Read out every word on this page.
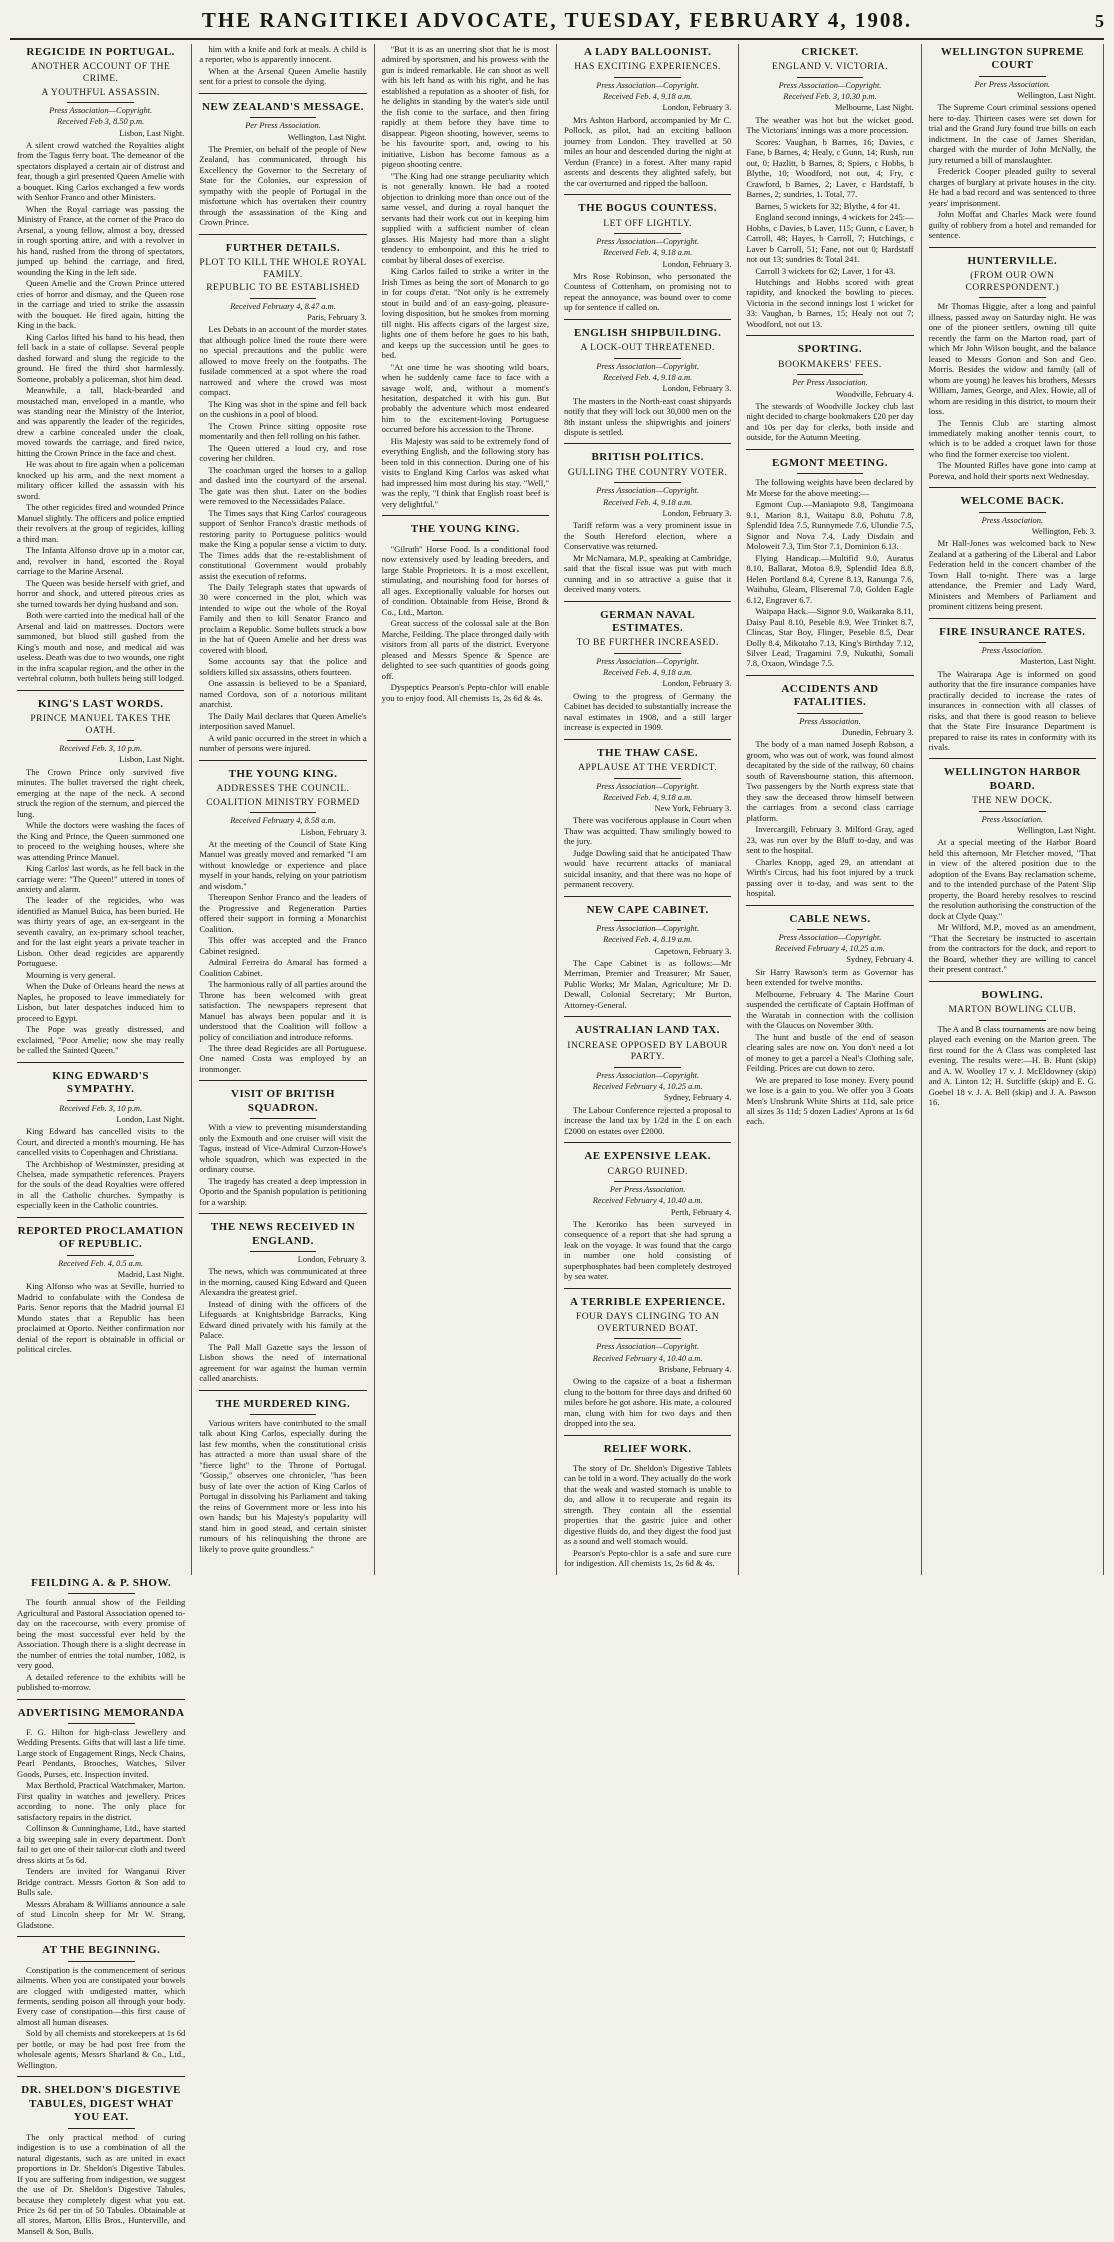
THE RANGITIKEI ADVOCATE, TUESDAY, FEBRUARY 4, 1908.	5
REGICIDE IN PORTUGAL.
ANOTHER ACCOUNT OF THE CRIME.
A YOUTHFUL ASSASSIN.
Press Association—Copyright.
Received Feb 3, 8.50 p.m.
Lisbon, Last Night.

A silent crowd watched the Royalties alight from the Tagus ferry boat. The demeanor of the spectators displayed a certain air of distrust and fear, though a girl presented Queen Amelie with a bouquet. King Carlos exchanged a few words with Senhor Franco and other Ministers.

When the Royal carriage was passing the Ministry of France, at the corner of the Praco do Arsenal, a young fellow, almost a boy, dressed in rough sporting attire, and with a revolver in his hand, rushed from the throng of spectators, jumped up behind the carriage, and fired, wounding the King in the left side.

Queen Amelie and the Crown Prince uttered cries of horror and dismay, and the Queen rose in the carriage and tried to strike the assassin with the bouquet. He fired again, hitting the King in the back.

King Carlos lifted his hand to his head, then fell back in a state of collapse. Several people dashed forward and slung the regicide to the ground. He fired the third shot harmlessly. Someone, probably a policeman, shot him dead.

Meanwhile, a tall, black-bearded and moustached man, enveloped in a mantle, who was standing near the Ministry of the Interior, and was apparently the leader of the regicides, drew a carbine concealed under the cloak, moved towards the carriage, and fired twice, hitting the Crown Prince in the face and chest.

He was about to fire again when a policeman knocked up his arm, and the next moment a military officer killed the assassin with his sword.

The other regicides fired and wounded Prince Manuel slightly. The officers and police emptied their revolvers at the group of regicides, killing a third man.

The Infanta Alfonso drove up in a motor car, and, revolver in hand, escorted the Royal carriage to the Marine Arsenal.

The Queen was beside herself with grief, and horror and shock, and uttered piteous cries as she turned towards her dying husband and son.

Both were carried into the medical hall of the Arsenal and laid on mattresses. Doctors were summoned, but blood still gushed from the King's mouth and nose, and medical aid was useless. Death was due to two wounds, one right in the infra scapular region, and the other in the vertebral column, both bullets being still lodged.

KING'S LAST WORDS.
PRINCE MANUEL TAKES THE OATH.
Received Feb. 3, 10 p.m.
Lisbon, Last Night.

The Crown Prince only survived five minutes. The bullet traversed the right cheek, emerging at the nape of the neck. A second struck the region of the sternum, and pierced the lung.

While the doctors were washing the faces of the King and Prince, the Queen summoned one to proceed to the weighing houses, where she was attending Prince Manuel.

King Carlos' last words, as he fell back in the carriage were: "The Queen!" uttered in tones of anxiety and alarm.

The leader of the regicides, who was identified as Manuel Buica, has been buried. He was thirty years of age, an ex-sergeant in the seventh cavalry, an ex-primary school teacher, and for the last eight years a private teacher in Lisbon. Other dead regicides are apparently Portuguese.

Mourning is very general.

When the Duke of Orleans heard the news at Naples, he proposed to leave immediately for Lisbon, but later despatches induced him to proceed to Egypt.

The Pope was greatly distressed, and exclaimed, "Poor Amelie; now she may really be called the Sainted Queen."

KING EDWARD'S SYMPATHY.
Received Feb. 3, 10 p.m.
London, Last Night.

King Edward has cancelled visits to the Court, and directed a month's mourning. He has cancelled visits to Copenhagen and Christiana.

The Archbishop of Westminster, presiding at Chelsea, made sympathetic references. Prayers for the souls of the dead Royalties were offered in all the Catholic churches. Sympathy is especially keen in the Catholic countries.

REPORTED PROCLAMATION OF REPUBLIC.
Received Feb. 4, 0.5 a.m.
Madrid, Last Night.

King Alfonso who was at Seville, hurried to Madrid to confabulate with the Condesa de Paris. Senor reports that the Madrid journal El Mundo states that a Republic has been proclaimed at Oporto. Neither confirmation nor denial of the report is obtainable in official or political circles.

him with a knife and fork at meals. A child is a reporter, who is apparently innocent.

When at the Arsenal Queen Amelie hastily sent for a priest to console the dying.

NEW ZEALAND'S MESSAGE.
Per Press Association.
Wellington, Last Night.

The Premier, on behalf of the people of New Zealand, has communicated, through his Excellency the Governor to the Secretary of State for the Colonies, our expression of sympathy with the people of Portugal in the misfortune which has overtaken their country through the assassination of the King and Crown Prince.

FURTHER DETAILS.
PLOT TO KILL THE WHOLE ROYAL FAMILY.
REPUBLIC TO BE ESTABLISHED
Received February 4, 8.47 a.m.
Paris, February 3.

Les Debats in an account of the murder states that although police lined the route there were no special precautions and the public were allowed to move freely on the footpaths. The fusilade commenced at a spot where the road narrowed and where the crowd was most compact.

The King was shot in the spine and fell back on the cushions in a pool of blood.

The Crown Prince sitting opposite rose momentarily and then fell rolling on his father.

The Queen uttered a loud cry, and rose covering her children.

The coachman urged the horses to a gallop and dashed into the courtyard of the arsenal. The gate was then shut. Later on the bodies were removed to the Necessidades Palace.

The Times says that King Carlos' courageous support of Senhor Franco's drastic methods of restoring parity to Portuguese politics would make the King a popular sense a victim to duty. The Times adds that the re-establishment of constitutional Government would probably assist the execution of reforms.

The Daily Telegraph states that upwards of 30 were concerned in the plot, which was intended to wipe out the whole of the Royal Family and then to kill Senator Franco and proclaim a Republic. Some bullets struck a bow in the hat of Queen Amelie and her dress was covered with blood.

Some accounts say that the police and soldiers killed six assassins, others fourteen.

One assassin is believed to be a Spaniard, named Cordova, son of a notorious militant anarchist.

The Daily Mail declares that Queen Amelie's interposition saved Manuel.

A wild panic occurred in the street in which a number of persons were injured.

THE YOUNG KING.
ADDRESSES THE COUNCIL.
COALITION MINISTRY FORMED
Received February 4, 8.58 a.m.
Lisbon, February 3.

At the meeting of the Council of State King Manuel was greatly moved and remarked "I am without knowledge or experience and place myself in your hands, relying on your patriotism and wisdom."

Thereupon Senhor Franco and the leaders of the Progressive and Regeneration Parties offered their support in forming a Monarchist Coalition.

This offer was accepted and the Franco Cabinet resigned.

Admiral Ferreira do Amaral has formed a Coalition Cabinet.

The harmonious rally of all parties around the Throne has been welcomed with great satisfaction. The newspapers represent that Manuel has always been popular and it is understood that the Coalition will follow a policy of conciliation and introduce reforms.

The three dead Regicides are all Portuguese. One named Costa was employed by an ironmonger.

VISIT OF BRITISH SQUADRON.

With a view to preventing misunderstanding only the Exmouth and one cruiser will visit the Tagus, instead of Vice-Admiral Curzon-Howe's whole squadron, which was expected in the ordinary course.

The tragedy has created a deep impression in Oporto and the Spanish population is petitioning for a warship.

THE NEWS RECEIVED IN ENGLAND.
London, February 3.

The news, which was communicated at three in the morning, caused King Edward and Queen Alexandra the greatest grief.

Instead of dining with the officers of the Lifeguards at Knightsbridge Barracks, King Edward dined privately with his family at the Palace.

The Pall Mall Gazette says the lesson of Lisbon shows the need of international agreement for war against the human vermin called anarchists.

THE MURDERED KING.

Various writers have contributed to the small talk about King Carlos, especially during the last few months, when the constitutional crisis has attracted a more than usual share of the "fierce light" to the Throne of Portugal. "Gossip," observes one chronicler, "has been busy of late over the action of King Carlos of Portugal in dissolving his Parliament and taking the reins of Government more or less into his own hands; but his Majesty's popularity will stand him in good stead, and certain sinister rumours of his relinquishing the throne are likely to prove quite groundless."

"But it is as an unerring shot that he is most admired by sportsmen, and his prowess with the gun is indeed remarkable. He can shoot as well with his left hand as with his right, and he has established a reputation as a shooter of fish, for he delights in standing by the water's side until the fish come to the surface, and then firing rapidly at them before they have time to disappear. Pigeon shooting, however, seems to be his favourite sport, and, owing to his initiative, Lisbon has become famous as a pigeon shooting centre.

"The King had one strange peculiarity which is not generally known. He had a rooted objection to drinking more than once out of the same vessel, and during a royal banquet the servants had their work cut out in keeping him supplied with a sufficient number of clean glasses. His Majesty had more than a slight tendency to embonpoint, and this he tried to combat by liberal doses of exercise.

King Carlos failed to strike a writer in the Irish Times as being the sort of Monarch to go in for coups d'etat. "Not only is he extremely stout in build and of an easy-going, pleasure-loving disposition, but he smokes from morning till night. His affects cigars of the largest size, lights one of them before he goes to his bath, and keeps up the succession until he goes to bed.

"At one time he was shooting wild boars, when he suddenly came face to face with a savage wolf, and, without a moment's hesitation, despatched it with his gun. But probably the adventure which most endeared him to the excitement-loving Portuguese occurred before his accession to the Throne.

His Majesty was said to be extremely fond of everything English, and the following story has been told in this connection. During one of his visits to England King Carlos was asked what had impressed him most during his stay. "Well," was the reply, "I think that English roast beef is very delightful."

THE YOUNG KING.

"Gilruth" Horse Food. Is a conditional food now extensively used by leading breeders, and large Stable Proprietors. It is a most excellent, stimulating, and nourishing food for horses of all ages. Exceptionally valuable for horses out of condition. Obtainable from Heise, Brond & Co., Ltd., Marton.

Great success of the colossal sale at the Bon Marche, Feilding. The place thronged daily with visitors from all parts of the district. Everyone pleased and Messrs Spence & Spence are delighted to see such quantities of goods going off.

Dyspeptics Pearson's Pepto-chlor will enable you to enjoy food. All chemists 1s, 2s 6d & 4s.

A LADY BALLOONIST.
HAS EXCITING EXPERIENCES.
Press Association—Copyright.
Received Feb. 4, 9.18 a.m.
London, February 3.

Mrs Ashton Harbord, accompanied by Mr C. Pollock, as pilot, had an exciting balloon journey from London. They travelled at 50 miles an hour and descended during the night at Verdun (France) in a forest. After many rapid ascents and descents they alighted safely, but the car overturned and ripped the balloon.

THE BOGUS COUNTESS.
LET OFF LIGHTLY.
Press Association—Copyright.
Received Feb. 4, 9.18 a.m.
London, February 3.

Mrs Rose Robinson, who personated the Countess of Cottenham, on promising not to repeat the annoyance, was bound over to come up for sentence if called on.

ENGLISH SHIPBUILDING.
A LOCK-OUT THREATENED.
Press Association—Copyright.
Received Feb. 4, 9.18 a.m.
London, February 3.

The masters in the North-east coast shipyards notify that they will lock out 30,000 men on the 8th instant unless the shipwrights and joiners' dispute is settled.

BRITISH POLITICS.
GULLING THE COUNTRY VOTER.
Press Association—Copyright.
Received Feb. 4, 9.18 a.m.
London, February 3.

Tariff reform was a very prominent issue in the South Hereford election, where a Conservative was returned.

Mr McNamara, M.P., speaking at Cambridge, said that the fiscal issue was put with much cunning and in so attractive a guise that it deceived many voters.

GERMAN NAVAL ESTIMATES.
TO BE FURTHER INCREASED.
Press Association—Copyright.
Received Feb. 4, 9.18 a.m.
London, February 3.

Owing to the progress of Germany the Cabinet has decided to substantially increase the naval estimates in 1908, and a still larger increase is expected in 1909.

THE THAW CASE.
APPLAUSE AT THE VERDICT.
Press Association—Copyright.
Received Feb. 4, 9.18 a.m.
New York, February 3.

There was vociferous applause in Court when Thaw was acquitted. Thaw smilingly bowed to the jury.

Judge Dowling said that he anticipated Thaw would have recurrent attacks of maniacal suicidal insanity, and that there was no hope of permanent recovery.

NEW CAPE CABINET.
Press Association—Copyright.
Received Feb. 4, 8.19 a.m.
Capetown, February 3.

The Cape Cabinet is as follows:—Mr Merriman, Premier and Treasurer; Mr Sauer, Public Works; Mr Malan, Agriculture; Mr D. Dewall, Colonial Secretary; Mr Burton, Attorney-General.

AUSTRALIAN LAND TAX.
INCREASE OPPOSED BY LABOUR PARTY.
Press Association—Copyright.
Received February 4, 10.25 a.m.
Sydney, February 4.

The Labour Conference rejected a proposal to increase the land tax by 1/2d in the £ on each £2000 on estates over £2000.

AE EXPENSIVE LEAK.
CARGO RUINED.
Per Press Association.
Received February 4, 10.40 a.m.
Perth, February 4.

The Keroriko has been surveyed in consequence of a report that she had sprung a leak on the voyage. It was found that the cargo in number one hold consisting of superphosphates had been completely destroyed by sea water.

A TERRIBLE EXPERIENCE.
FOUR DAYS CLINGING TO AN OVERTURNED BOAT.
Press Association—Copyright.
Received February 4, 10.40 a.m.
Brisbane, February 4.

Owing to the capsize of a boat a fisherman clung to the bottom for three days and drifted 60 miles before he got ashore. His mate, a coloured man, clung with him for two days and then dropped into the sea.

RELIEF WORK.

The story of Dr. Sheldon's Digestive Tablets can be told in a word. They actually do the work that the weak and wasted stomach is unable to do, and allow it to recuperate and regain its strength. They contain all the essential properties that the gastric juice and other digestive fluids do, and they digest the food just as a sound and well stomach would.

Pearson's Pepto-chlor is a safe and sure cure for indigestion. All chemists 1s, 2s 6d & 4s.

CRICKET.
ENGLAND V. VICTORIA.
Press Association—Copyright.
Received Feb. 3, 10.30 p.m.
Melbourne, Last Night.

The weather was hot but the wicket good. The Victorians' innings was a more procession.

Scores: Vaughan, b Barnes, 16; Davies, c Fane, b Barnes, 4; Healy, c Gunn, 14; Rush, run out, 0; Hazlitt, b Barnes, 8; Spiers, c Hobbs, b Blythe, 10; Woodford, not out, 4; Fry, c Crawford, b Barnes, 2; Laver, c Hardstaff, b Barnes, 2; sundries, 1. Total, 77.

Barnes, 5 wickets for 32; Blythe, 4 for 41.

England second innings, 4 wickets for 245:—Hobbs, c Davies, b Laver, 115; Gunn, c Laver, b Carroll, 48; Hayes, b Carroll, 7; Hutchings, c Laver b Carroll, 51; Fane, not out 0; Hardstaff not out 13; sundries 8: Total 241.

Carroll 3 wickets for 62; Laver, 1 for 43.

Hutchings and Hobbs scored with great rapidity, and knocked the bowling to pieces. Victoria in the second innings lost 1 wicket for 33: Vaughan, b Barnes, 15; Healy not out 7; Woodford, not out 13.

SPORTING.
BOOKMAKERS' FEES.
Per Press Association.
Woodville, February 4.

The stewards of Woodville Jockey club last night decided to charge bookmakers £20 per day and 10s per day for clerks, both inside and outside, for the Autumn Meeting.

EGMONT MEETING.

The following weights have been declared by Mr Morse for the above meeting:—

Egmont Cup.—Maniapoto 9.8, Tangimoana 9.1, Marion 8.1, Waitapu 8.0, Pohutu 7.8, Splendid Idea 7.5, Runnymede 7.6, Ulundie 7.5, Signor and Nova 7.4, Lady Disdain and Moloweit 7.3, Tim Stor 7.1, Dominion 6.13.

Flying Handicap.—Multifid 9.0, Auratus 8.10, Ballarat, Motoa 8.9, Splendid Idea 8.8, Helen Portland 8.4, Cyrene 8.13, Ranunga 7.6, Waihuhu, Gleam, Fliseremal 7.0, Golden Eagle 6.12, Engraver 6.7.

Waipapa Hack.—Signor 9.0, Waikaraka 8.11, Daisy Paul 8.10, Peseble 8.9, Wee Trinket 8.7, Clincas, Star Boy, Flinger, Peseble 8.5, Dear Dolly 8.4, Mikotaho 7.13, King's Birthday 7.12, Silver Lead, Tragamini 7.9, Nukuthi, Somali 7.8, Oxaon, Windage 7.5.

ACCIDENTS AND FATALITIES.
Press Association.
Dunedin, February 3.

The body of a man named Joseph Robson, a groom, who was out of work, was found almost decapitated by the side of the railway, 60 chains south of Ravensbourne station, this afternoon. Two passengers by the North express state that they saw the deceased throw himself between the carriages from a second class carriage platform.

Invercargill, February 3. Milford Gray, aged 23, was run over by the Bluff to-day, and was sent to the hospital.

Charles Knopp, aged 29, an attendant at Wirth's Circus, had his foot injured by a truck passing over it to-day, and was sent to the hospital.

CABLE NEWS.
Press Association—Copyright.
Received February 4, 10.25 a.m.
Sydney, February 4.

Sir Harry Rawson's term as Governor has been extended for twelve months.

Melbourne, February 4. The Marine Court suspended the certificate of Captain Hoffman of the Waratah in connection with the collision with the Glaucus on November 30th.

The hunt and bustle of the end of season clearing sales are now on. You don't need a lot of money to get a parcel a Neal's Clothing sale, Feilding. Prices are cut down to zero.

We are prepared to lose money. Every pound we lose is a gain to you. We offer you 3 Goats Men's Unshrunk White Shirts at 11d, sale price all sizes 3s 11d; 5 dozen Ladies' Aprons at 1s 6d each.

WELLINGTON SUPREME COURT
Per Press Association.
Wellington, Last Night.

The Supreme Court criminal sessions opened here to-day. Thirteen cases were set down for trial and the Grand Jury found true bills on each indictment. In the case of James Sheridan, charged with the murder of John McNally, the jury returned a bill of manslaughter.

Frederick Cooper pleaded guilty to several charges of burglary at private houses in the city. He had a bad record and was sentenced to three years' imprisonment.

John Moffat and Charles Mack were found guilty of robbery from a hotel and remanded for sentence.

HUNTERVILLE.
(FROM OUR OWN CORRESPONDENT.)

Mr Thomas Higgie, after a long and painful illness, passed away on Saturday night. He was one of the pioneer settlers, owning till quite recently the farm on the Marton road, part of which Mr John Wilson bought, and the balance leased to Messrs Gorton and Son and Geo. Morris. Besides the widow and family (all of whom are young) he leaves his brothers, Messrs William, James, George, and Alex. Howie, all of whom are residing in this district, to mourn their loss.

The Tennis Club are starting almost immediately making another tennis court, to which is to be added a croquet lawn for those who find the former exercise too violent.

The Mounted Rifles have gone into camp at Porewa, and hold their sports next Wednesday.

WELCOME BACK.
Press Association.
Wellington, Feb. 3.

Mr Hall-Jones was welcomed back to New Zealand at a gathering of the Liberal and Labor Federation held in the concert chamber of the Town Hall to-night. There was a large attendance, the Premier and Lady Ward, Ministers and Members of Parliament and prominent citizens being present.

FIRE INSURANCE RATES.
Press Association.
Masterton, Last Night.

The Wairarapa Age is informed on good authority that the fire insurance companies have practically decided to increase the rates of insurances in connection with all classes of risks, and that there is good reason to believe that the State Fire Insurance Department is prepared to raise its rates in conformity with its rivals.

WELLINGTON HARBOR BOARD.
THE NEW DOCK.
Press Association.
Wellington, Last Night.

At a special meeting of the Harbor Board held this afternoon, Mr Fletcher moved, "That in view of the altered position due to the adoption of the Evans Bay reclamation scheme, and to the intended purchase of the Patent Slip property, the Board hereby resolves to rescind the resolution authorising the construction of the dock at Clyde Quay."

Mr Wilford, M.P., moved as an amendment, "That the Secretary be instructed to ascertain from the contractors for the dock, and report to the Board, whether they are willing to cancel their present contract."

BOWLING.
MARTON BOWLING CLUB.

The A and B class tournaments are now being played each evening on the Marton green. The first round for the A Class was completed last evening. The results were:—H. B. Hunt (skip) and A. W. Woolley 17 v. J. McEldowney (skip) and A. Linton 12; H. Sutcliffe (skip) and E. G. Goebel 18 v. J. A. Bell (skip) and J. A. Pawson 16.

FEILDING A. & P. SHOW.

The fourth annual show of the Feilding Agricultural and Pastoral Association opened to-day on the racecourse, with every promise of being the most successful ever held by the Association. Though there is a slight decrease in the number of entries the total number, 1082, is very good.

A detailed reference to the exhibits will be published to-morrow.

ADVERTISING MEMORANDA

F. G. Hilton for high-class Jewellery and Wedding Presents. Gifts that will last a life time. Large stock of Engagement Rings, Neck Chains, Pearl Pendants, Brooches, Watches, Silver Goods, Purses, etc. Inspection invited.

Max Berthold, Practical Watchmaker, Marton. First quality in watches and jewellery. Prices according to none. The only place for satisfactory repairs in the district.

Collinson & Cunninghame, Ltd., have started a big sweeping sale in every department. Don't fail to get one of their tailor-cut cloth and tweed dress skirts at 5s 6d.

Tenders are invited for Wanganui River Bridge contract. Messrs Gorton & Son add to Bulls sale.

Messrs Abraham & Williams announce a sale of stud Lincoln sheep for Mr W. Strang, Gladstone.

AT THE BEGINNING.

Constipation is the commencement of serious ailments. When you are constipated your bowels are clogged with undigested matter, which ferments, sending poison all through your body. Every case of constipation—this first cause of almost all human diseases.

Sold by all chemists and storekeepers at 1s 6d per bottle, or may be had post free from the wholesale agents, Messrs Sharland & Co., Ltd., Wellington.

DR. SHELDON'S DIGESTIVE TABULES, DIGEST WHAT YOU EAT.

The only practical method of curing indigestion is to use a combination of all the natural digestants, such as are united in exact proportions in Dr. Sheldon's Digestive Tabules. If you are suffering from indigestion, we suggest the use of Dr. Sheldon's Digestive Tabules, because they completely digest what you eat. Price 2s 6d per tin of 50 Tabules. Obtainable at all stores, Marton, Ellis Bros., Hunterville, and Mansell & Son, Bulls.
